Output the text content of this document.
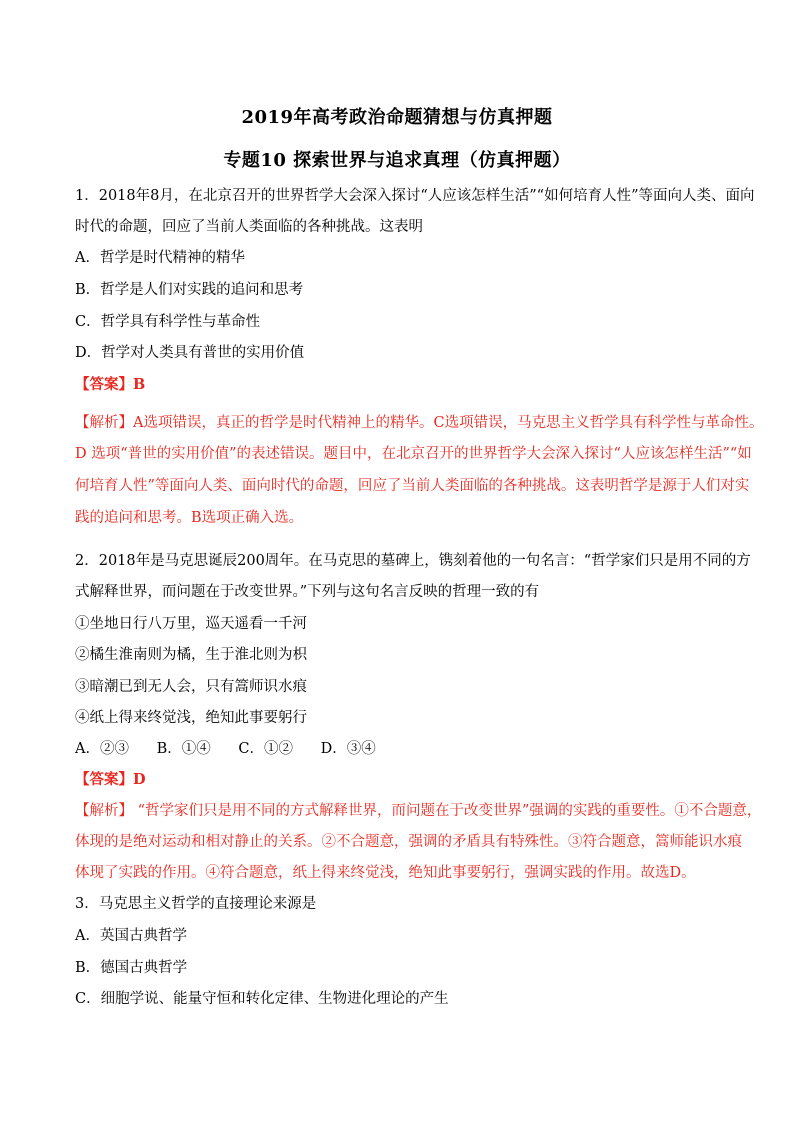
2019年高考政治命题猜想与仿真押题
专题10 探索世界与追求真理（仿真押题）
1．2018年8月，在北京召开的世界哲学大会深入探讨“人应该怎样生活”“如何培育人性”等面向人类、面向
时代的命题，回应了当前人类面临的各种挑战。这表明
A．哲学是时代精神的精华
B．哲学是人们对实践的追问和思考
C．哲学具有科学性与革命性
D．哲学对人类具有普世的实用价值
【答案】B
【解析】A选项错误，真正的哲学是时代精神上的精华。C选项错误，马克思主义哲学具有科学性与革命性。
D 选项“普世的实用价值”的表述错误。题目中，在北京召开的世界哲学大会深入探讨“人应该怎样生活”“如
何培育人性”等面向人类、面向时代的命题，回应了当前人类面临的各种挑战。这表明哲学是源于人们对实
践的追问和思考。B选项正确入选。
2．2018年是马克思诞辰200周年。在马克思的墓碑上，镌刻着他的一句名言：“哲学家们只是用不同的方
式解释世界，而问题在于改变世界。”下列与这句名言反映的哲理一致的有
①坐地日行八万里，巡天遥看一千河
②橘生淮南则为橘，生于淮北则为枳
③暗潮已到无人会，只有篙师识水痕
④纸上得来终觉浅，绝知此事要躬行
A．②③      B．①④      C．①②      D．③④
【答案】D
【解析】 “哲学家们只是用不同的方式解释世界，而问题在于改变世界”强调的实践的重要性。①不合题意，
体现的是绝对运动和相对静止的关系。②不合题意，强调的矛盾具有特殊性。③符合题意，篙师能识水痕
体现了实践的作用。④符合题意，纸上得来终觉浅，绝知此事要躬行，强调实践的作用。故选D。
3．马克思主义哲学的直接理论来源是
A．英国古典哲学
B．德国古典哲学
C．细胞学说、能量守恒和转化定律、生物进化理论的产生
